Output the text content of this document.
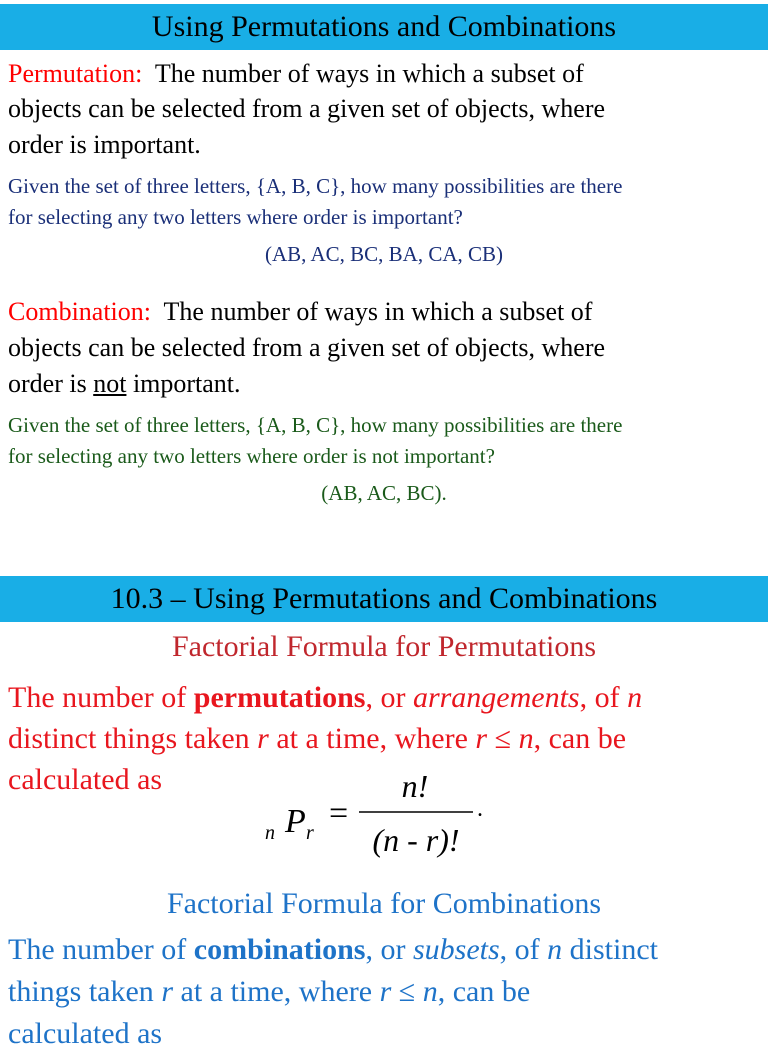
Using Permutations and Combinations
Permutation: The number of ways in which a subset of
objects can be selected from a given set of objects, where
order is important.
Given the set of three letters, {A, B, C}, how many possibilities are there
for selecting any two letters where order is important?
(AB, AC, BC, BA, CA, CB)
Combination: The number of ways in which a subset of
objects can be selected from a given set of objects, where
order is not important.
Given the set of three letters, {A, B, C}, how many possibilities are there
for selecting any two letters where order is not important?
(AB, AC, BC).
10.3 – Using Permutations and Combinations
Factorial Formula for Permutations
The number of permutations, or arrangements, of n
distinct things taken r at a time, where r ≤ n, can be
calculated as
n P r
=
n!
(n - r)!
.
Factorial Formula for Combinations
The number of combinations, or subsets, of n distinct
things taken r at a time, where r ≤ n, can be
calculated as
